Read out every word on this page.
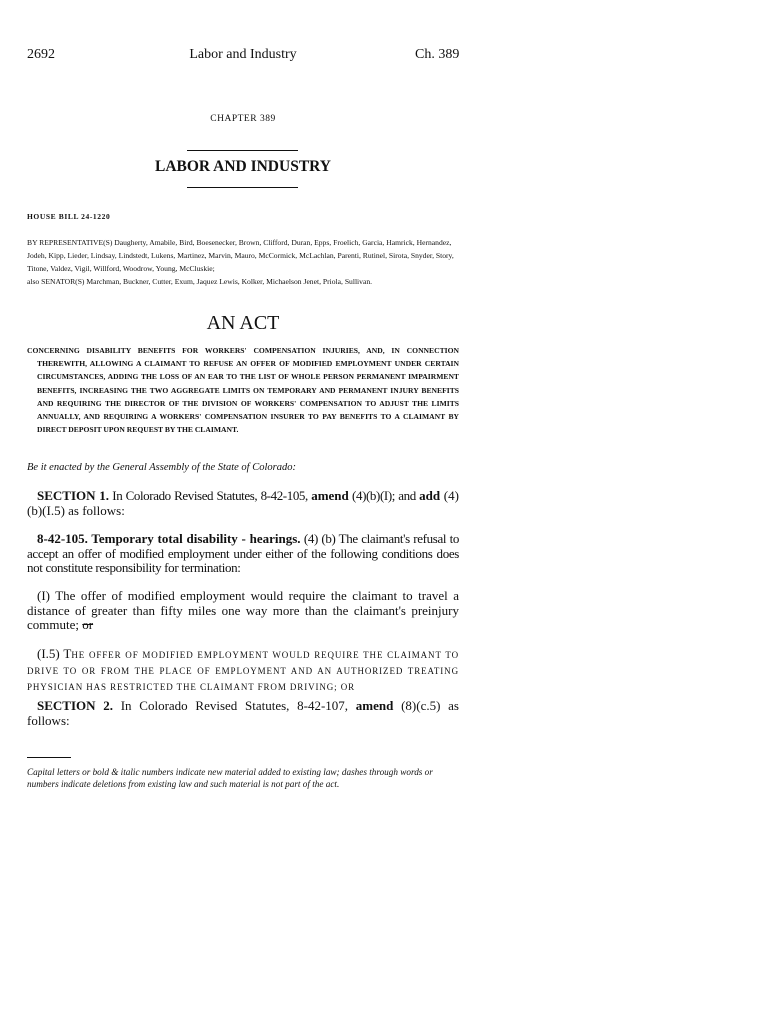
2692	Labor and Industry	Ch. 389
CHAPTER 389
LABOR AND INDUSTRY
HOUSE BILL 24-1220

BY REPRESENTATIVE(S) Daugherty, Amabile, Bird, Boesenecker, Brown, Clifford, Duran, Epps, Froelich, Garcia, Hamrick, Hernandez, Jodeh, Kipp, Lieder, Lindsay, Lindstedt, Lukens, Martinez, Marvin, Mauro, McCormick, McLachlan, Parenti, Rutinel, Sirota, Snyder, Story, Titone, Valdez, Vigil, Willford, Woodrow, Young, McCluskie;

also SENATOR(S) Marchman, Buckner, Cutter, Exum, Jaquez Lewis, Kolker, Michaelson Jenet, Priola, Sullivan.

AN ACT
CONCERNING DISABILITY BENEFITS FOR WORKERS' COMPENSATION INJURIES, AND, IN CONNECTION THEREWITH, ALLOWING A CLAIMANT TO REFUSE AN OFFER OF MODIFIED EMPLOYMENT UNDER CERTAIN CIRCUMSTANCES, ADDING THE LOSS OF AN EAR TO THE LIST OF WHOLE PERSON PERMANENT IMPAIRMENT BENEFITS, INCREASING THE TWO AGGREGATE LIMITS ON TEMPORARY AND PERMANENT INJURY BENEFITS AND REQUIRING THE DIRECTOR OF THE DIVISION OF WORKERS' COMPENSATION TO ADJUST THE LIMITS ANNUALLY, AND REQUIRING A WORKERS' COMPENSATION INSURER TO PAY BENEFITS TO A CLAIMANT BY DIRECT DEPOSIT UPON REQUEST BY THE CLAIMANT.
Be it enacted by the General Assembly of the State of Colorado:
SECTION 1. In Colorado Revised Statutes, 8-42-105, amend (4)(b)(I); and add (4)(b)(I.5) as follows:
8-42-105. Temporary total disability - hearings. (4) (b) The claimant's refusal to accept an offer of modified employment under either of the following conditions does not constitute responsibility for termination:
(I) The offer of modified employment would require the claimant to travel a distance of greater than fifty miles one way more than the claimant's preinjury commute; or
(I.5) THE OFFER OF MODIFIED EMPLOYMENT WOULD REQUIRE THE CLAIMANT TO DRIVE TO OR FROM THE PLACE OF EMPLOYMENT AND AN AUTHORIZED TREATING PHYSICIAN HAS RESTRICTED THE CLAIMANT FROM DRIVING; OR
SECTION 2. In Colorado Revised Statutes, 8-42-107, amend (8)(c.5) as follows:
Capital letters or bold & italic numbers indicate new material added to existing law; dashes through words or numbers indicate deletions from existing law and such material is not part of the act.
